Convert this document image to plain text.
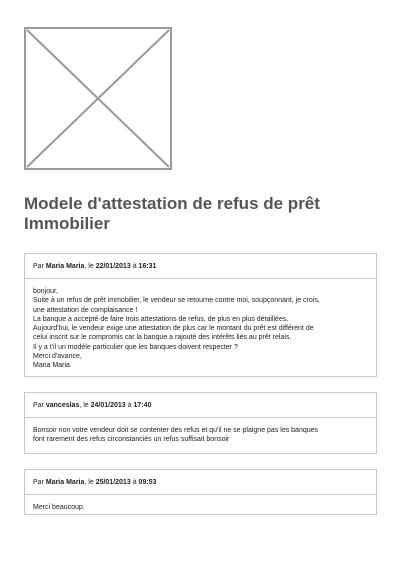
Modele d'attestation de refus de prêt Immobilier
Par Maria Maria, le 22/01/2013 à 16:31
bonjour,
Suite à un refus de prêt immobilier, le vendeur se retourne contre moi, soupçonnant, je crois,
une attestation de complaisance !
La banque a accepté de faire trois attestations de refus, de plus en plus détaillées.
Aujourd'hui, le vendeur exige une attestation de plus car le montant du prêt est différent de
celui inscrit sur le compromis car la banque a rajouté des intérêts liés au prêt relais.
Il y a t'il un modèle particulier que les banques doivent respecter ?
Merci d'avance,
Maria Maria
Par vanceslas, le 24/01/2013 à 17:40
Bonsoir non votre vendeur doit se contenter des refus et qu'il ne se plaigne pas les banques
font rarement des refus circonstanciés un refus suffisait bonsoir
Par Maria Maria, le 25/01/2013 à 09:53
Merci beaucoup.
